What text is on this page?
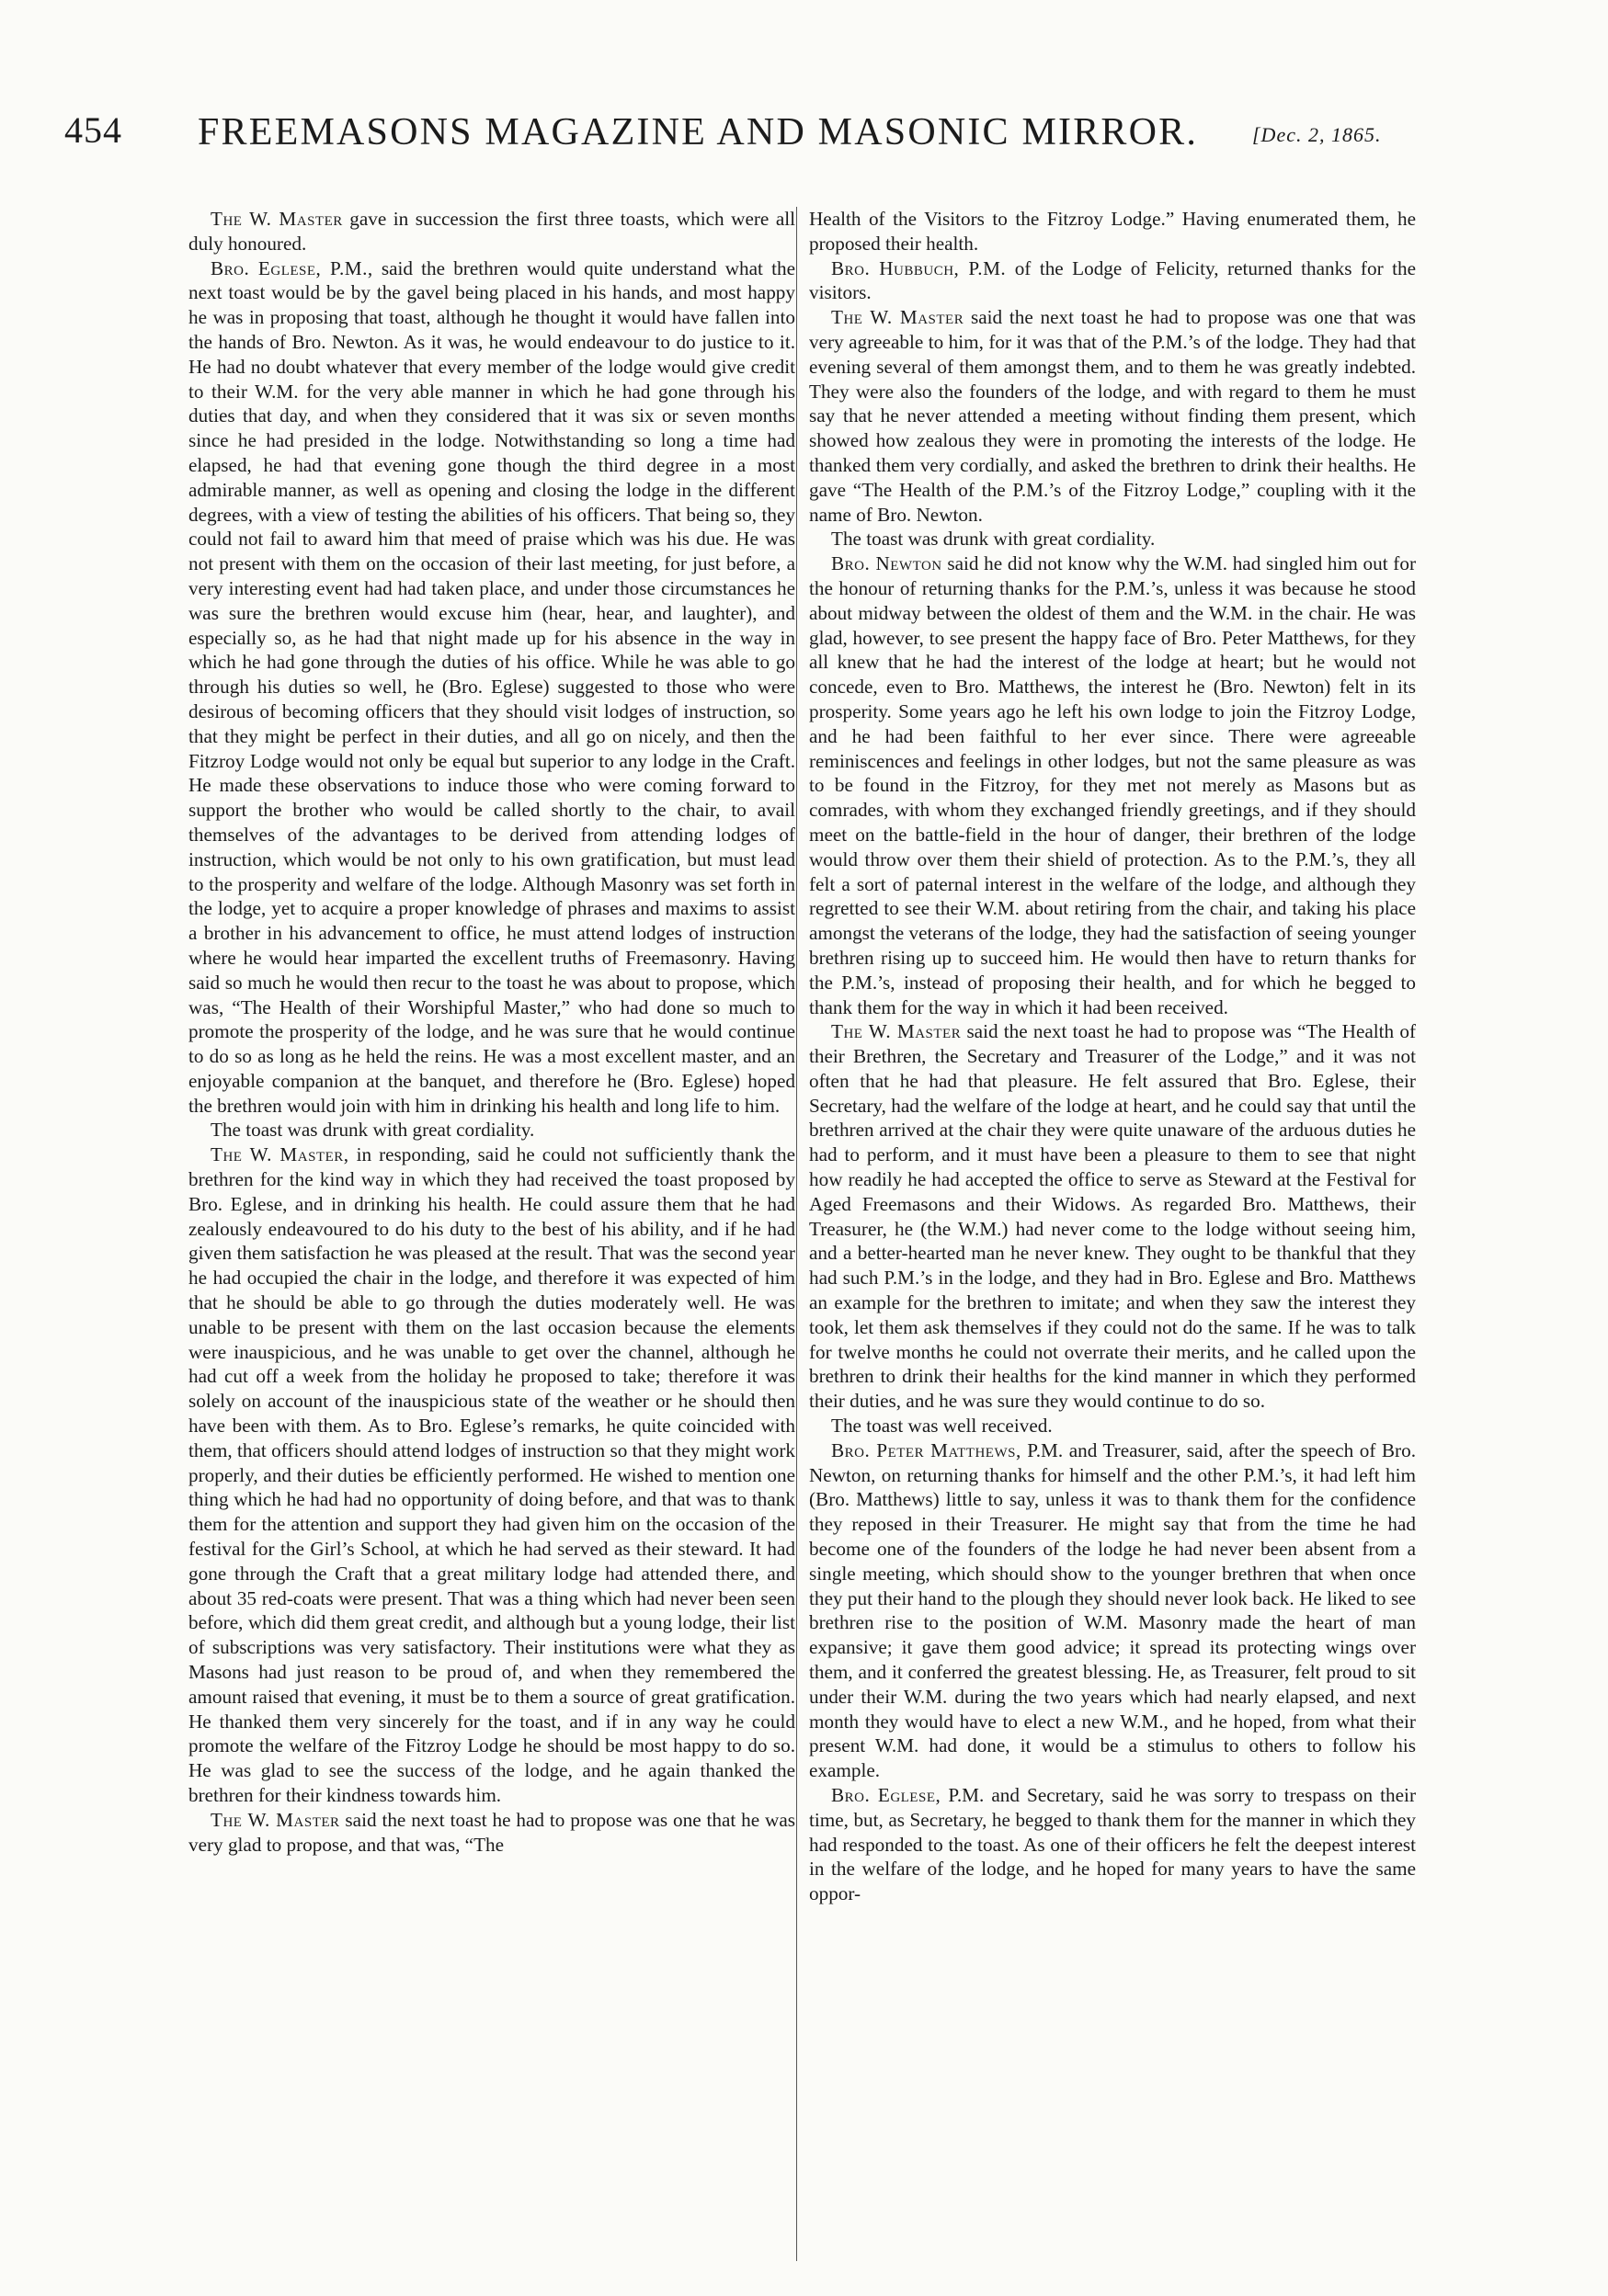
454 FREEMASONS MAGAZINE AND MASONIC MIRROR.	[Dec. 2, 1865.

The W. Master gave in succession the first three toasts, which were all duly honoured.

Bro. Eglese, P.M., said the brethren would quite understand what the next toast would be by the gavel being placed in his hands, and most happy he was in proposing that toast, although he thought it would have fallen into the hands of Bro. Newton. As it was, he would endeavour to do justice to it. He had no doubt whatever that every member of the lodge would give credit to their W.M. for the very able manner in which he had gone through his duties that day, and when they considered that it was six or seven months since he had presided in the lodge. Notwithstanding so long a time had elapsed, he had that evening gone though the third degree in a most admirable manner, as well as opening and closing the lodge in the different degrees, with a view of testing the abilities of his officers. That being so, they could not fail to award him that meed of praise which was his due. He was not present with them on the occasion of their last meeting, for just before, a very interesting event had had taken place, and under those circumstances he was sure the brethren would excuse him (hear, hear, and laughter), and especially so, as he had that night made up for his absence in the way in which he had gone through the duties of his office. While he was able to go through his duties so well, he (Bro. Eglese) suggested to those who were desirous of becoming officers that they should visit lodges of instruction, so that they might be perfect in their duties, and all go on nicely, and then the Fitzroy Lodge would not only be equal but superior to any lodge in the Craft. He made these observations to induce those who were coming forward to support the brother who would be called shortly to the chair, to avail themselves of the advantages to be derived from attending lodges of instruction, which would be not only to his own gratification, but must lead to the prosperity and welfare of the lodge. Although Masonry was set forth in the lodge, yet to acquire a proper knowledge of phrases and maxims to assist a brother in his advancement to office, he must attend lodges of instruction where he would hear imparted the excellent truths of Freemasonry. Having said so much he would then recur to the toast he was about to propose, which was, “The Health of their Worshipful Master,” who had done so much to promote the prosperity of the lodge, and he was sure that he would continue to do so as long as he held the reins. He was a most excellent master, and an enjoyable companion at the banquet, and therefore he (Bro. Eglese) hoped the brethren would join with him in drinking his health and long life to him.

The toast was drunk with great cordiality.

The W. Master, in responding, said he could not sufficiently thank the brethren for the kind way in which they had received the toast proposed by Bro. Eglese, and in drinking his health. He could assure them that he had zealously endeavoured to do his duty to the best of his ability, and if he had given them satisfaction he was pleased at the result. That was the second year he had occupied the chair in the lodge, and therefore it was expected of him that he should be able to go through the duties moderately well. He was unable to be present with them on the last occasion because the elements were inauspicious, and he was unable to get over the channel, although he had cut off a week from the holiday he proposed to take; therefore it was solely on account of the inauspicious state of the weather or he should then have been with them. As to Bro. Eglese’s remarks, he quite coincided with them, that officers should attend lodges of instruction so that they might work properly, and their duties be efficiently performed. He wished to mention one thing which he had had no opportunity of doing before, and that was to thank them for the attention and support they had given him on the occasion of the festival for the Girl’s School, at which he had served as their steward. It had gone through the Craft that a great military lodge had attended there, and about 35 red-coats were present. That was a thing which had never been seen before, which did them great credit, and although but a young lodge, their list of subscriptions was very satisfactory. Their institutions were what they as Masons had just reason to be proud of, and when they remembered the amount raised that evening, it must be to them a source of great gratification. He thanked them very sincerely for the toast, and if in any way he could promote the welfare of the Fitzroy Lodge he should be most happy to do so. He was glad to see the success of the lodge, and he again thanked the brethren for their kindness towards him.

The W. Master said the next toast he had to propose was one that he was very glad to propose, and that was, “The

Health of the Visitors to the Fitzroy Lodge.” Having enumerated them, he proposed their health.

Bro. Hubbuch, P.M. of the Lodge of Felicity, returned thanks for the visitors.

The W. Master said the next toast he had to propose was one that was very agreeable to him, for it was that of the P.M.’s of the lodge. They had that evening several of them amongst them, and to them he was greatly indebted. They were also the founders of the lodge, and with regard to them he must say that he never attended a meeting without finding them present, which showed how zealous they were in promoting the interests of the lodge. He thanked them very cordially, and asked the brethren to drink their healths. He gave “The Health of the P.M.’s of the Fitzroy Lodge,” coupling with it the name of Bro. Newton.

The toast was drunk with great cordiality.

Bro. Newton said he did not know why the W.M. had singled him out for the honour of returning thanks for the P.M.’s, unless it was because he stood about midway between the oldest of them and the W.M. in the chair. He was glad, however, to see present the happy face of Bro. Peter Matthews, for they all knew that he had the interest of the lodge at heart; but he would not concede, even to Bro. Matthews, the interest he (Bro. Newton) felt in its prosperity. Some years ago he left his own lodge to join the Fitzroy Lodge, and he had been faithful to her ever since. There were agreeable reminiscences and feelings in other lodges, but not the same pleasure as was to be found in the Fitzroy, for they met not merely as Masons but as comrades, with whom they exchanged friendly greetings, and if they should meet on the battle-field in the hour of danger, their brethren of the lodge would throw over them their shield of protection. As to the P.M.’s, they all felt a sort of paternal interest in the welfare of the lodge, and although they regretted to see their W.M. about retiring from the chair, and taking his place amongst the veterans of the lodge, they had the satisfaction of seeing younger brethren rising up to succeed him. He would then have to return thanks for the P.M.’s, instead of proposing their health, and for which he begged to thank them for the way in which it had been received.

The W. Master said the next toast he had to propose was “The Health of their Brethren, the Secretary and Treasurer of the Lodge,” and it was not often that he had that pleasure. He felt assured that Bro. Eglese, their Secretary, had the welfare of the lodge at heart, and he could say that until the brethren arrived at the chair they were quite unaware of the arduous duties he had to perform, and it must have been a pleasure to them to see that night how readily he had accepted the office to serve as Steward at the Festival for Aged Freemasons and their Widows. As regarded Bro. Matthews, their Treasurer, he (the W.M.) had never come to the lodge without seeing him, and a better-hearted man he never knew. They ought to be thankful that they had such P.M.’s in the lodge, and they had in Bro. Eglese and Bro. Matthews an example for the brethren to imitate; and when they saw the interest they took, let them ask themselves if they could not do the same. If he was to talk for twelve months he could not overrate their merits, and he called upon the brethren to drink their healths for the kind manner in which they performed their duties, and he was sure they would continue to do so.

The toast was well received.

Bro. Peter Matthews, P.M. and Treasurer, said, after the speech of Bro. Newton, on returning thanks for himself and the other P.M.’s, it had left him (Bro. Matthews) little to say, unless it was to thank them for the confidence they reposed in their Treasurer. He might say that from the time he had become one of the founders of the lodge he had never been absent from a single meeting, which should show to the younger brethren that when once they put their hand to the plough they should never look back. He liked to see brethren rise to the position of W.M. Masonry made the heart of man expansive; it gave them good advice; it spread its protecting wings over them, and it conferred the greatest blessing. He, as Treasurer, felt proud to sit under their W.M. during the two years which had nearly elapsed, and next month they would have to elect a new W.M., and he hoped, from what their present W.M. had done, it would be a stimulus to others to follow his example.

Bro. Eglese, P.M. and Secretary, said he was sorry to trespass on their time, but, as Secretary, he begged to thank them for the manner in which they had responded to the toast. As one of their officers he felt the deepest interest in the welfare of the lodge, and he hoped for many years to have the same oppor-
